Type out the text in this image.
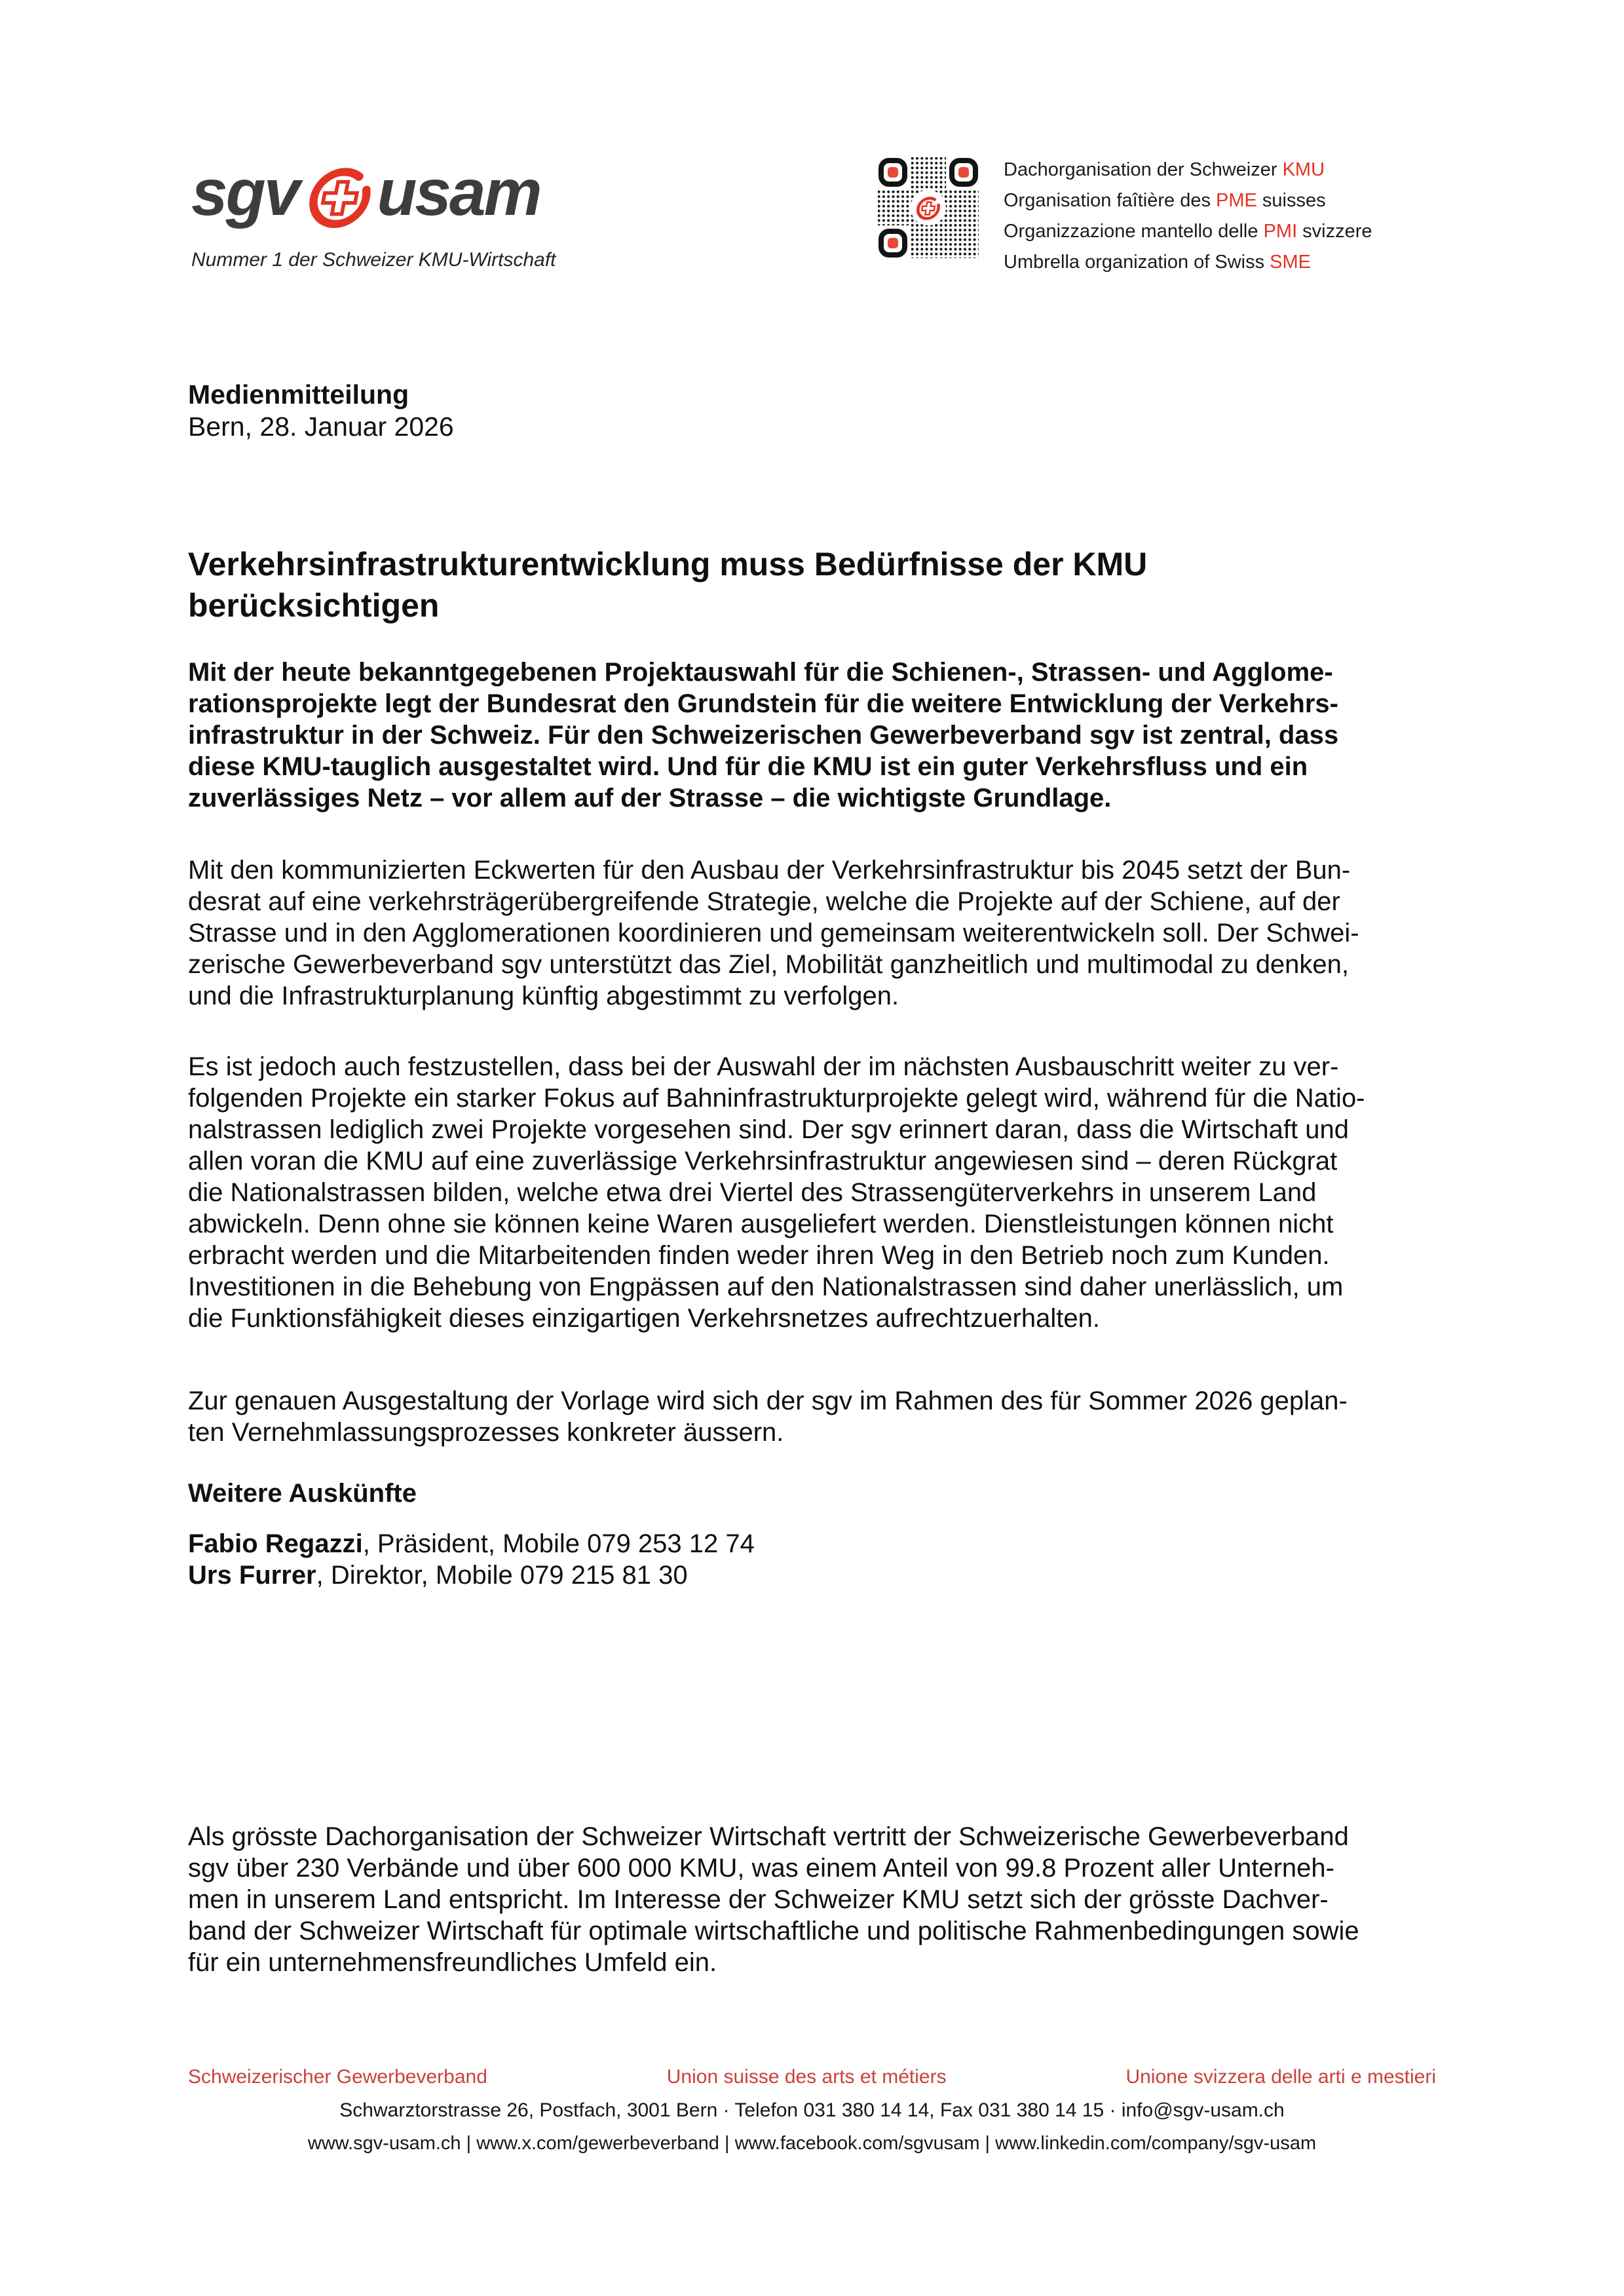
sgv usam
Nummer 1 der Schweizer KMU-Wirtschaft
Dachorganisation der Schweizer KMU
Organisation faîtière des PME suisses
Organizzazione mantello delle PMI svizzere
Umbrella organization of Swiss SME
Medienmitteilung
Bern, 28. Januar 2026
Verkehrsinfrastrukturentwicklung muss Bedürfnisse der KMU
berücksichtigen
Mit der heute bekanntgegebenen Projektauswahl für die Schienen-, Strassen- und Agglome-
rationsprojekte legt der Bundesrat den Grundstein für die weitere Entwicklung der Verkehrs-
infrastruktur in der Schweiz. Für den Schweizerischen Gewerbeverband sgv ist zentral, dass
diese KMU-tauglich ausgestaltet wird. Und für die KMU ist ein guter Verkehrsfluss und ein
zuverlässiges Netz – vor allem auf der Strasse – die wichtigste Grundlage.
Mit den kommunizierten Eckwerten für den Ausbau der Verkehrsinfrastruktur bis 2045 setzt der Bun-
desrat auf eine verkehrsträgerübergreifende Strategie, welche die Projekte auf der Schiene, auf der
Strasse und in den Agglomerationen koordinieren und gemeinsam weiterentwickeln soll. Der Schwei-
zerische Gewerbeverband sgv unterstützt das Ziel, Mobilität ganzheitlich und multimodal zu denken,
und die Infrastrukturplanung künftig abgestimmt zu verfolgen.
Es ist jedoch auch festzustellen, dass bei der Auswahl der im nächsten Ausbauschritt weiter zu ver-
folgenden Projekte ein starker Fokus auf Bahninfrastrukturprojekte gelegt wird, während für die Natio-
nalstrassen lediglich zwei Projekte vorgesehen sind. Der sgv erinnert daran, dass die Wirtschaft und
allen voran die KMU auf eine zuverlässige Verkehrsinfrastruktur angewiesen sind – deren Rückgrat
die Nationalstrassen bilden, welche etwa drei Viertel des Strassengüterverkehrs in unserem Land
abwickeln. Denn ohne sie können keine Waren ausgeliefert werden. Dienstleistungen können nicht
erbracht werden und die Mitarbeitenden finden weder ihren Weg in den Betrieb noch zum Kunden.
Investitionen in die Behebung von Engpässen auf den Nationalstrassen sind daher unerlässlich, um
die Funktionsfähigkeit dieses einzigartigen Verkehrsnetzes aufrechtzuerhalten.
Zur genauen Ausgestaltung der Vorlage wird sich der sgv im Rahmen des für Sommer 2026 geplan-
ten Vernehmlassungsprozesses konkreter äussern.
Weitere Auskünfte
Fabio Regazzi, Präsident, Mobile 079 253 12 74
Urs Furrer, Direktor, Mobile 079 215 81 30
Als grösste Dachorganisation der Schweizer Wirtschaft vertritt der Schweizerische Gewerbeverband
sgv über 230 Verbände und über 600 000 KMU, was einem Anteil von 99.8 Prozent aller Unterneh-
men in unserem Land entspricht. Im Interesse der Schweizer KMU setzt sich der grösste Dachver-
band der Schweizer Wirtschaft für optimale wirtschaftliche und politische Rahmenbedingungen sowie
für ein unternehmensfreundliches Umfeld ein.
Schweizerischer Gewerbeverband	Union suisse des arts et métiers	Unione svizzera delle arti e mestieri
Schwarztorstrasse 26, Postfach, 3001 Bern · Telefon 031 380 14 14, Fax 031 380 14 15 · info@sgv-usam.ch
www.sgv-usam.ch | www.x.com/gewerbeverband | www.facebook.com/sgvusam | www.linkedin.com/company/sgv-usam
